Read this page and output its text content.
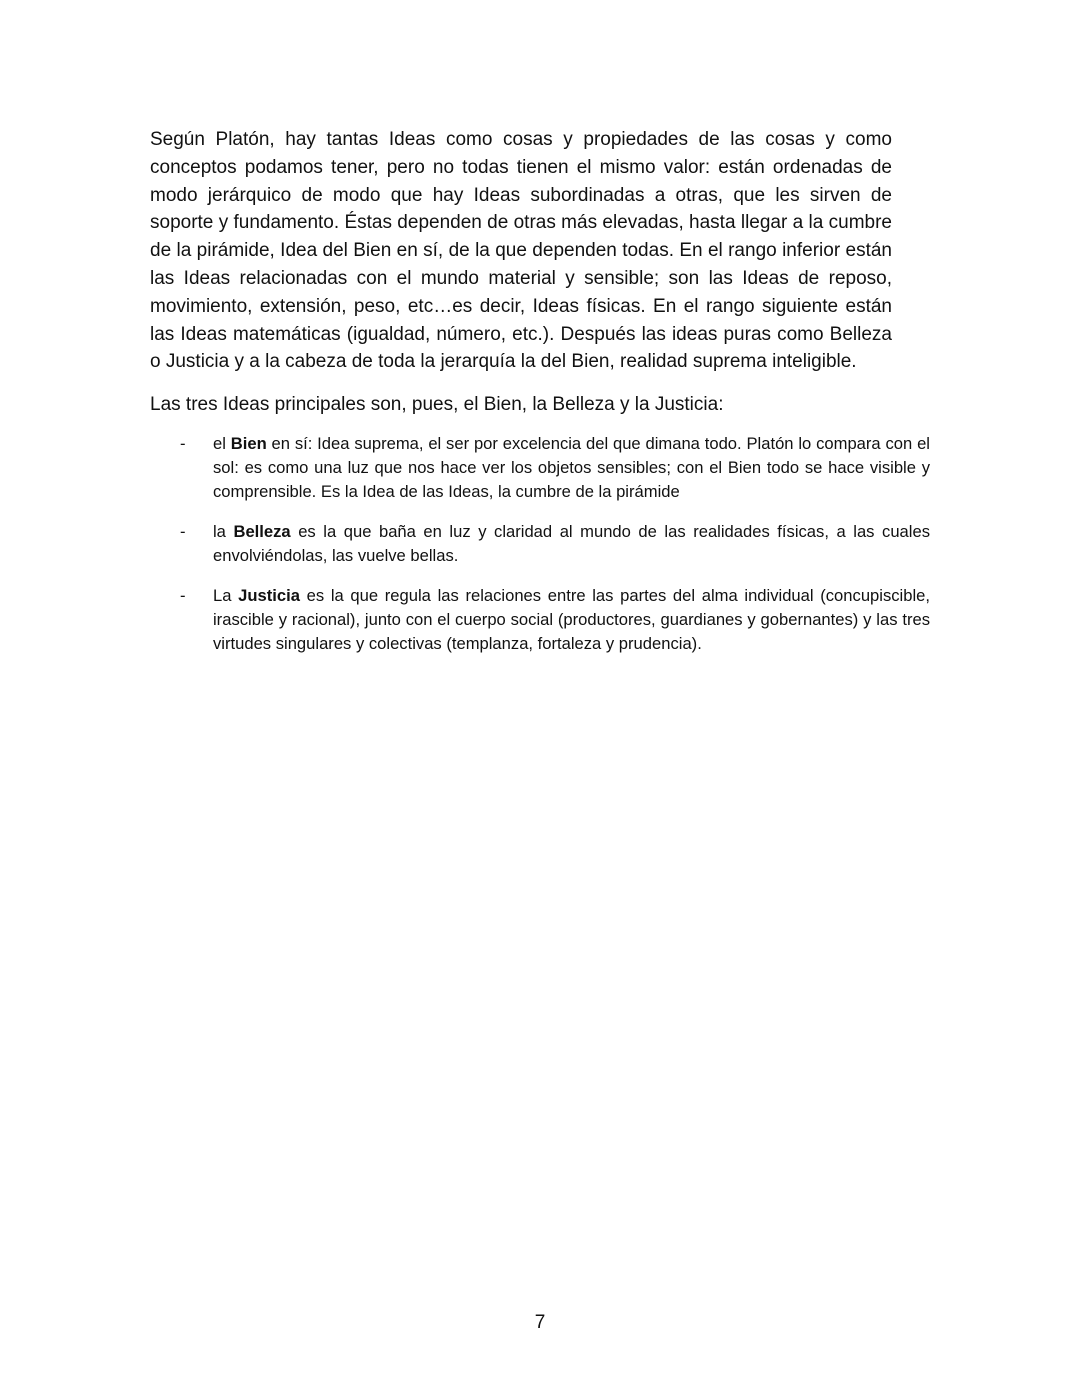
Según Platón, hay tantas Ideas como cosas y propiedades de las cosas y como conceptos podamos tener, pero no todas tienen el mismo valor: están ordenadas de modo jerárquico de modo que hay Ideas subordinadas a otras, que les sirven de soporte y fundamento. Éstas dependen de otras más elevadas, hasta llegar a la cumbre de la pirámide, Idea del Bien en sí, de la que dependen todas. En el rango inferior están las Ideas relacionadas con el mundo material y sensible; son las Ideas de reposo, movimiento, extensión, peso, etc…es decir, Ideas físicas. En el rango siguiente están las Ideas matemáticas (igualdad, número, etc.). Después las ideas puras como Belleza o Justicia y a la cabeza de toda la jerarquía la del Bien, realidad suprema inteligible.

Las tres Ideas principales son, pues, el Bien, la Belleza y la Justicia:

- el Bien en sí: Idea suprema, el ser por excelencia del que dimana todo. Platón lo compara con el sol: es como una luz que nos hace ver los objetos sensibles; con el Bien todo se hace visible y comprensible. Es la Idea de las Ideas, la cumbre de la pirámide
- la Belleza es la que baña en luz y claridad al mundo de las realidades físicas, a las cuales envolviéndolas, las vuelve bellas.
- La Justicia es la que regula las relaciones entre las partes del alma individual (concupiscible, irascible y racional), junto con el cuerpo social (productores, guardianes y gobernantes) y las tres virtudes singulares y colectivas (templanza, fortaleza y prudencia).
7
